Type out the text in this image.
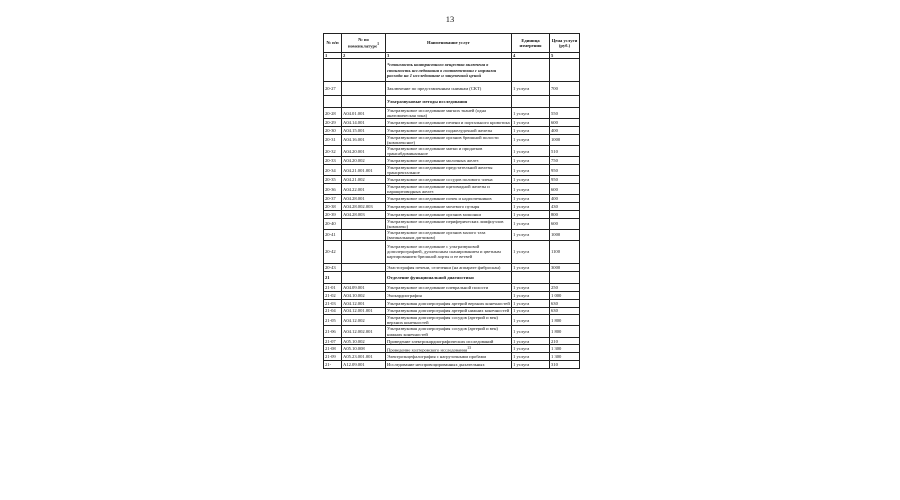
13
№ п/п	№ по номенклатуре$^1$	Наименование услуг	Единица измерения	Цена услуги (руб.)
1	2	3	4	5
		*стоимость контрастного вещества включена в стоимость исследования в соответствии с нормами расхода на 1 исследование и закупочной ценой		
20-27		Заключение по представленным снимкам (СКТ)	1 услуга	700
		Ультразвуковые методы исследования		
20-28	А04.01.001	Ультразвуковое исследование мягких тканей (одна анатомическая зона)	1 услуга	550
20-29	А04.14.001	Ультразвуковое исследование печени и портального кровотока	1 услуга	600
20-30	А04.15.001	Ультразвуковое исследование поджелудочной железы	1 услуга	400
20-31	А04.16.001	Ультразвуковое исследование органов брюшной полости (комплексное)	1 услуга	1000
20-32	А04.20.001	Ультразвуковое исследование матки и придатков трансабдоминальное	1 услуга	510
20-33	А04.20.002	Ультразвуковое исследование молочных желез	1 услуга	750
20-34	А04.21.001.001	Ультразвуковое исследование предстательной железы трансректальное	1 услуга	950
20-35	А04.21.002	Ультразвуковое исследование сосудов полового члена	1 услуга	950
20-36	А04.22.001	Ультразвуковое исследование щитовидной железы и паращитовидных желез	1 услуга	600
20-37	А04.28.001	Ультразвуковое исследование почек и надпочечников	1 услуга	400
20-38	А04.28.002.003	Ультразвуковое исследование мочевого пузыря	1 услуга	430
20-39	А04.28.003	Ультразвуковое исследование органов мошонки	1 услуга	800
20-40		Ультразвуковое исследование периферических лимфоузлов (комплекс)	1 услуга	600
20-41		Ультразвуковое исследование органов малого таза (вагинальным датчиком)	1 услуга	1000
20-42		Ультразвуковое исследование с ультразвуковой допплерографией, дуплексным сканированием и цветным картированием брюшной аорты и ее ветвей	1 услуга	1100
20-43		Эластография печени, селезенки (на аппарате фиброскан)	1 услуга	3000
21		Отделение функциональной диагностики		
21-01	А04.09.001	Ультразвуковое исследование плевральной полости	1 услуга	250
21-02	А04.10.002	Эхокардиография	1 услуга	1 000
21-03	А04.12.001	Ультразвуковая допплерография артерий верхних конечностей	1 услуга	630
21-04	А04.12.001.001	Ультразвуковая допплерография артерий нижних конечностей	1 услуга	630
21-05	А04.12.002	Ультразвуковая допплерография сосудов (артерий и вен) верхних конечностей	1 услуга	1 800
21-06	А04.12.002.001	Ультразвуковая допплерография сосудов (артерий и вен) нижних конечностей	1 услуга	1 800
21-07	А05.10.002	Проведение электрокардиографических исследований	1 услуга	210
21-08	А05.10.008	Проведение холтеровского исследования$^{13}$	1 услуга	1 300
21-09	А05.23.001.001	Электроэнцефалография с нагрузочными пробами	1 услуга	1 300
21-	А12.09.001	Исследование неспровоцированных дыхательных	1 услуга	310
